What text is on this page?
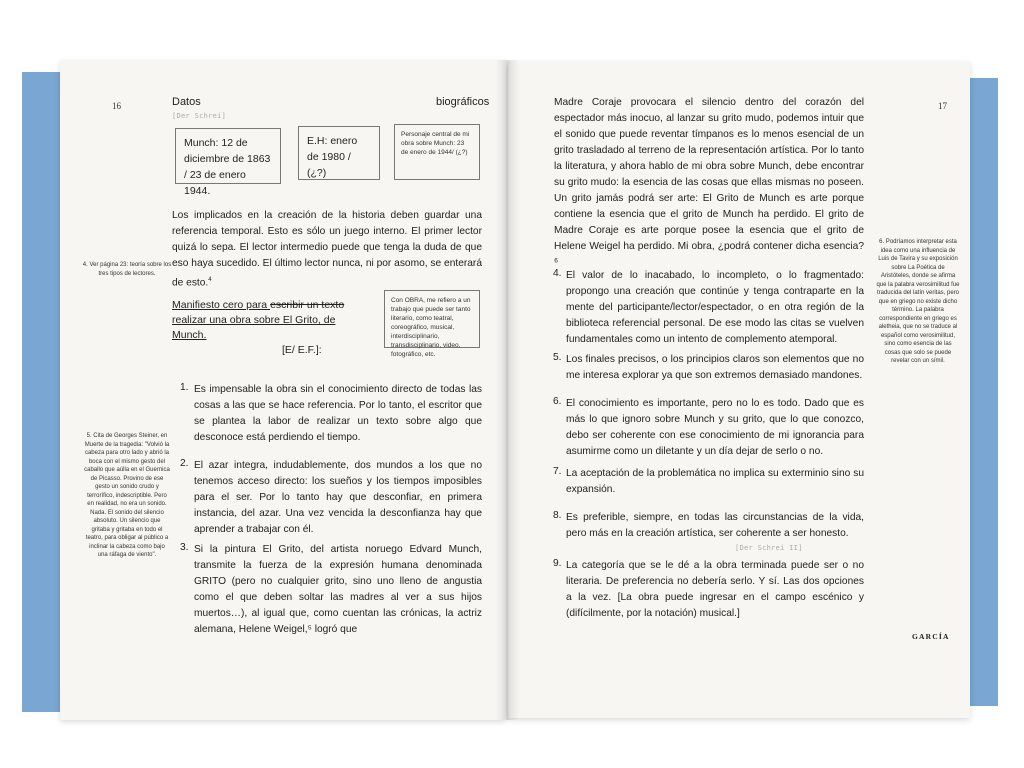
16	Datos	biográficos
[Der Schrei]
Munch: 12 de diciembre de 1863 / 23 de enero 1944.
E.H: enero de 1980 / (¿?)
Personaje central de mi obra sobre Munch: 23 de enero de 1944/ (¿?)
Los implicados en la creación de la historia deben guardar una referencia temporal. Esto es sólo un juego interno. El primer lector quizá lo sepa. El lector intermedio puede que tenga la duda de que eso haya sucedido. El último lector nunca, ni por asomo, se enterará de esto.$^4$
4. Ver página 23: teoría sobre los tres tipos de lectores.
Manifiesto cero para escribir un texto
realizar una obra sobre El Grito, de Munch.
[E/ E.F.]:
Con OBRA, me refiero a un trabajo que puede ser tanto literario, como teatral, coreográfico, musical, interdisciplinario, transdisciplinario, video, fotográfico, etc.
1. Es impensable la obra sin el conocimiento directo de todas las cosas a las que se hace referencia. Por lo tanto, el escritor que se plantea la labor de realizar un texto sobre algo que desconoce está perdiendo el tiempo.
2. El azar integra, indudablemente, dos mundos a los que no tenemos acceso directo: los sueños y los tiempos imposibles para el ser. Por lo tanto hay que desconfiar, en primera instancia, del azar. Una vez vencida la desconfianza hay que aprender a trabajar con él.
3. Si la pintura El Grito, del artista noruego Edvard Munch, transmite la fuerza de la expresión humana denominada GRITO (pero no cualquier grito, sino uno lleno de angustia como el que deben soltar las madres al ver a sus hijos muertos…), al igual que, como cuentan las crónicas, la actriz alemana, Helene Weigel,⁵ logró que
5. Cita de Georges Steiner, en Muerte de la tragedia: "Volvió la cabeza para otro lado y abrió la boca con el mismo gesto del caballo que aúlla en el Guernica de Picasso. Provino de ese gesto un sonido crudo y terrorífico, indescriptible. Pero en realidad, no era un sonido. Nada. El sonido del silencio absoluto. Un silencio que gritaba y gritaba en todo el teatro, para obligar al público a inclinar la cabeza como bajo una ráfaga de viento".
17
Madre Coraje provocara el silencio dentro del corazón del espectador más inocuo, al lanzar su grito mudo, podemos intuir que el sonido que puede reventar tímpanos es lo menos esencial de un grito trasladado al terreno de la representación artística. Por lo tanto la literatura, y ahora hablo de mi obra sobre Munch, debe encontrar su grito mudo: la esencia de las cosas que ellas mismas no poseen. Un grito jamás podrá ser arte: El Grito de Munch es arte porque contiene la esencia que el grito de Munch ha perdido. El grito de Madre Coraje es arte porque posee la esencia que el grito de Helene Weigel ha perdido. Mi obra, ¿podrá contener dicha esencia?⁶
6. Podríamos interpretar esta idea como una influencia de Luis de Tavira y su exposición sobre La Poética de Aristóteles, donde se afirma que la palabra verosimilitud fue traducida del latín veritas, pero que en griego no existe dicho término. La palabra correspondiente en griego es aletheia, que no se traduce al español como verosimilitud, sino como esencia de las cosas que solo se puede revelar con un símil.
4. El valor de lo inacabado, lo incompleto, o lo fragmentado: propongo una creación que continúe y tenga contraparte en la mente del participante/lector/espectador, o en otra región de la biblioteca referencial personal. De ese modo las citas se vuelven fundamentales como un intento de complemento atemporal.
5. Los finales precisos, o los principios claros son elementos que no me interesa explorar ya que son extremos demasiado mandones.
6. El conocimiento es importante, pero no lo es todo. Dado que es más lo que ignoro sobre Munch y su grito, que lo que conozco, debo ser coherente con ese conocimiento de mi ignorancia para asumirme como un diletante y un día dejar de serlo o no.
7. La aceptación de la problemática no implica su exterminio sino su expansión.
8. Es preferible, siempre, en todas las circunstancias de la vida, pero más en la creación artística, ser coherente a ser honesto.
[Der Schrei II]
9. La categoría que se le dé a la obra terminada puede ser o no literaria. De preferencia no debería serlo. Y sí. Las dos opciones a la vez. [La obra puede ingresar en el campo escénico y (difícilmente, por la notación) musical.]
GARCÍA
